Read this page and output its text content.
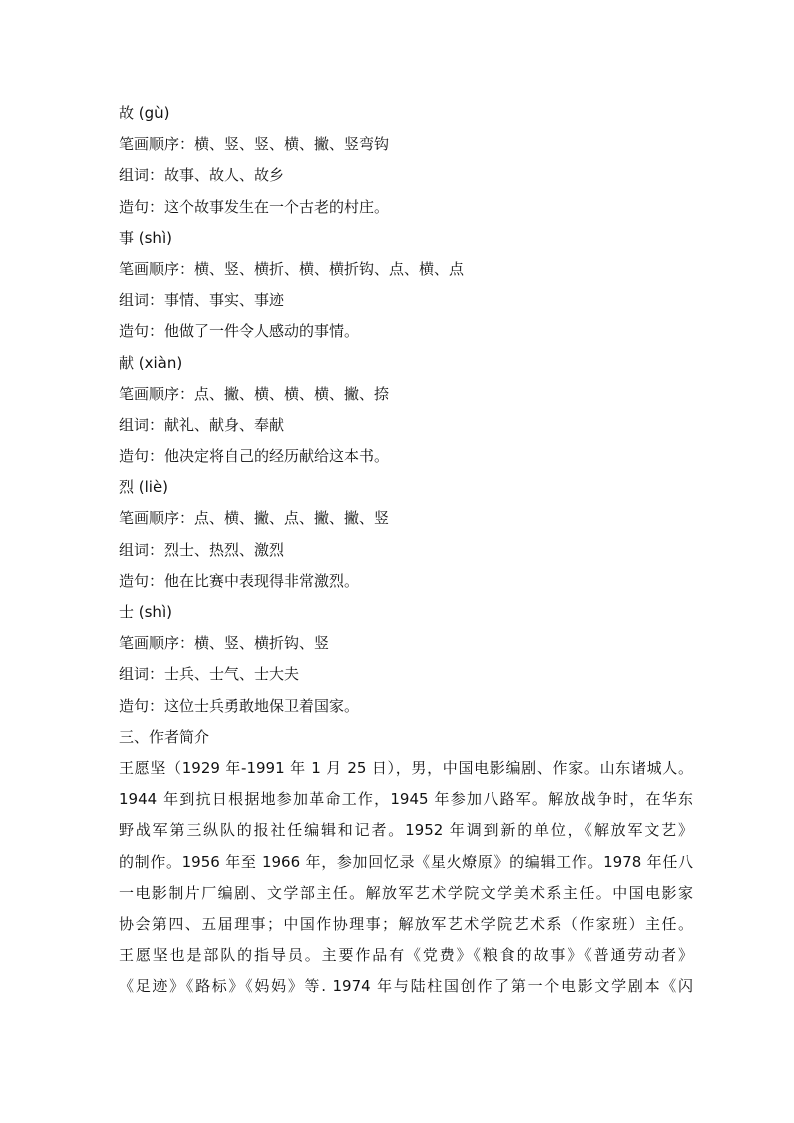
故 (gù)
笔画顺序：横、竖、竖、横、撇、竖弯钩
组词：故事、故人、故乡
造句：这个故事发生在一个古老的村庄。
事 (shì)
笔画顺序：横、竖、横折、横、横折钩、点、横、点
组词：事情、事实、事迹
造句：他做了一件令人感动的事情。
献 (xiàn)
笔画顺序：点、撇、横、横、横、撇、捺
组词：献礼、献身、奉献
造句：他决定将自己的经历献给这本书。
烈 (liè)
笔画顺序：点、横、撇、点、撇、撇、竖
组词：烈士、热烈、激烈
造句：他在比赛中表现得非常激烈。
士 (shì)
笔画顺序：横、竖、横折钩、竖
组词：士兵、士气、士大夫
造句：这位士兵勇敢地保卫着国家。
三、作者简介
王愿坚（1929 年-1991 年 1 月 25 日），男，中国电影编剧、作家。山东诸城人。
1944 年到抗日根据地参加革命工作，1945 年参加八路军。解放战争时，在华东
野战军第三纵队的报社任编辑和记者。1952 年调到新的单位，《解放军文艺》
的制作。1956 年至 1966 年，参加回忆录《星火燎原》的编辑工作。1978 年任八
一电影制片厂编剧、文学部主任。解放军艺术学院文学美术系主任。中国电影家
协会第四、五届理事；中国作协理事；解放军艺术学院艺术系（作家班）主任。
王愿坚也是部队的指导员。主要作品有《党费》《粮食的故事》《普通劳动者》
《足迹》《路标》《妈妈》等. 1974 年与陆柱国创作了第一个电影文学剧本《闪
